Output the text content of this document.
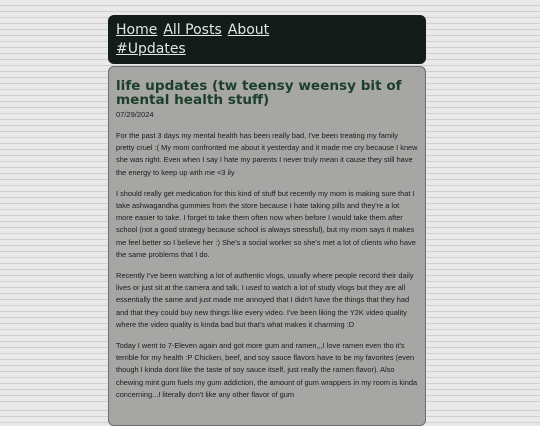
Home All Posts About
#Updates
life updates (tw teensy weensy bit of mental health stuff)
07/29/2024

For the past 3 days my mental health has been really bad, I've been treating my family pretty cruel :( My mom confronted me about it yesterday and it made me cry because I knew she was right. Even when I say I hate my parents I never truly mean it cause they still have the energy to keep up with me <3 ily

I should really get medication for this kind of stuff but recently my mom is making sure that I take ashwagandha gummies from the store because I hate taking pills and they're a lot more easier to take. I forget to take them often now when before I would take them after school (not a good strategy because school is always stressful), but my mom says it makes me feel better so I believe her :) She's a social worker so she's met a lot of clients who have the same problems that I do.

Recently I've been watching a lot of authentic vlogs, usually where people record their daily lives or just sit at the camera and talk. I used to watch a lot of study vlogs but they are all essentially the same and just made me annoyed that I didn't have the things that they had and that they could buy new things like every video. I've been liking the Y2K video quality where the video quality is kinda bad but that's what makes it charming :D

Today I went to 7-Eleven again and got more gum and ramen,,,I love ramen even tho it's terrible for my health :P Chicken, beef, and soy sauce flavors have to be my favorites (even though I kinda dont like the taste of soy sauce itself, just really the ramen flavor). Also chewing mint gum fuels my gum addiction, the amount of gum wrappers in my room is kinda concerning...I literally don't like any other flavor of gum
